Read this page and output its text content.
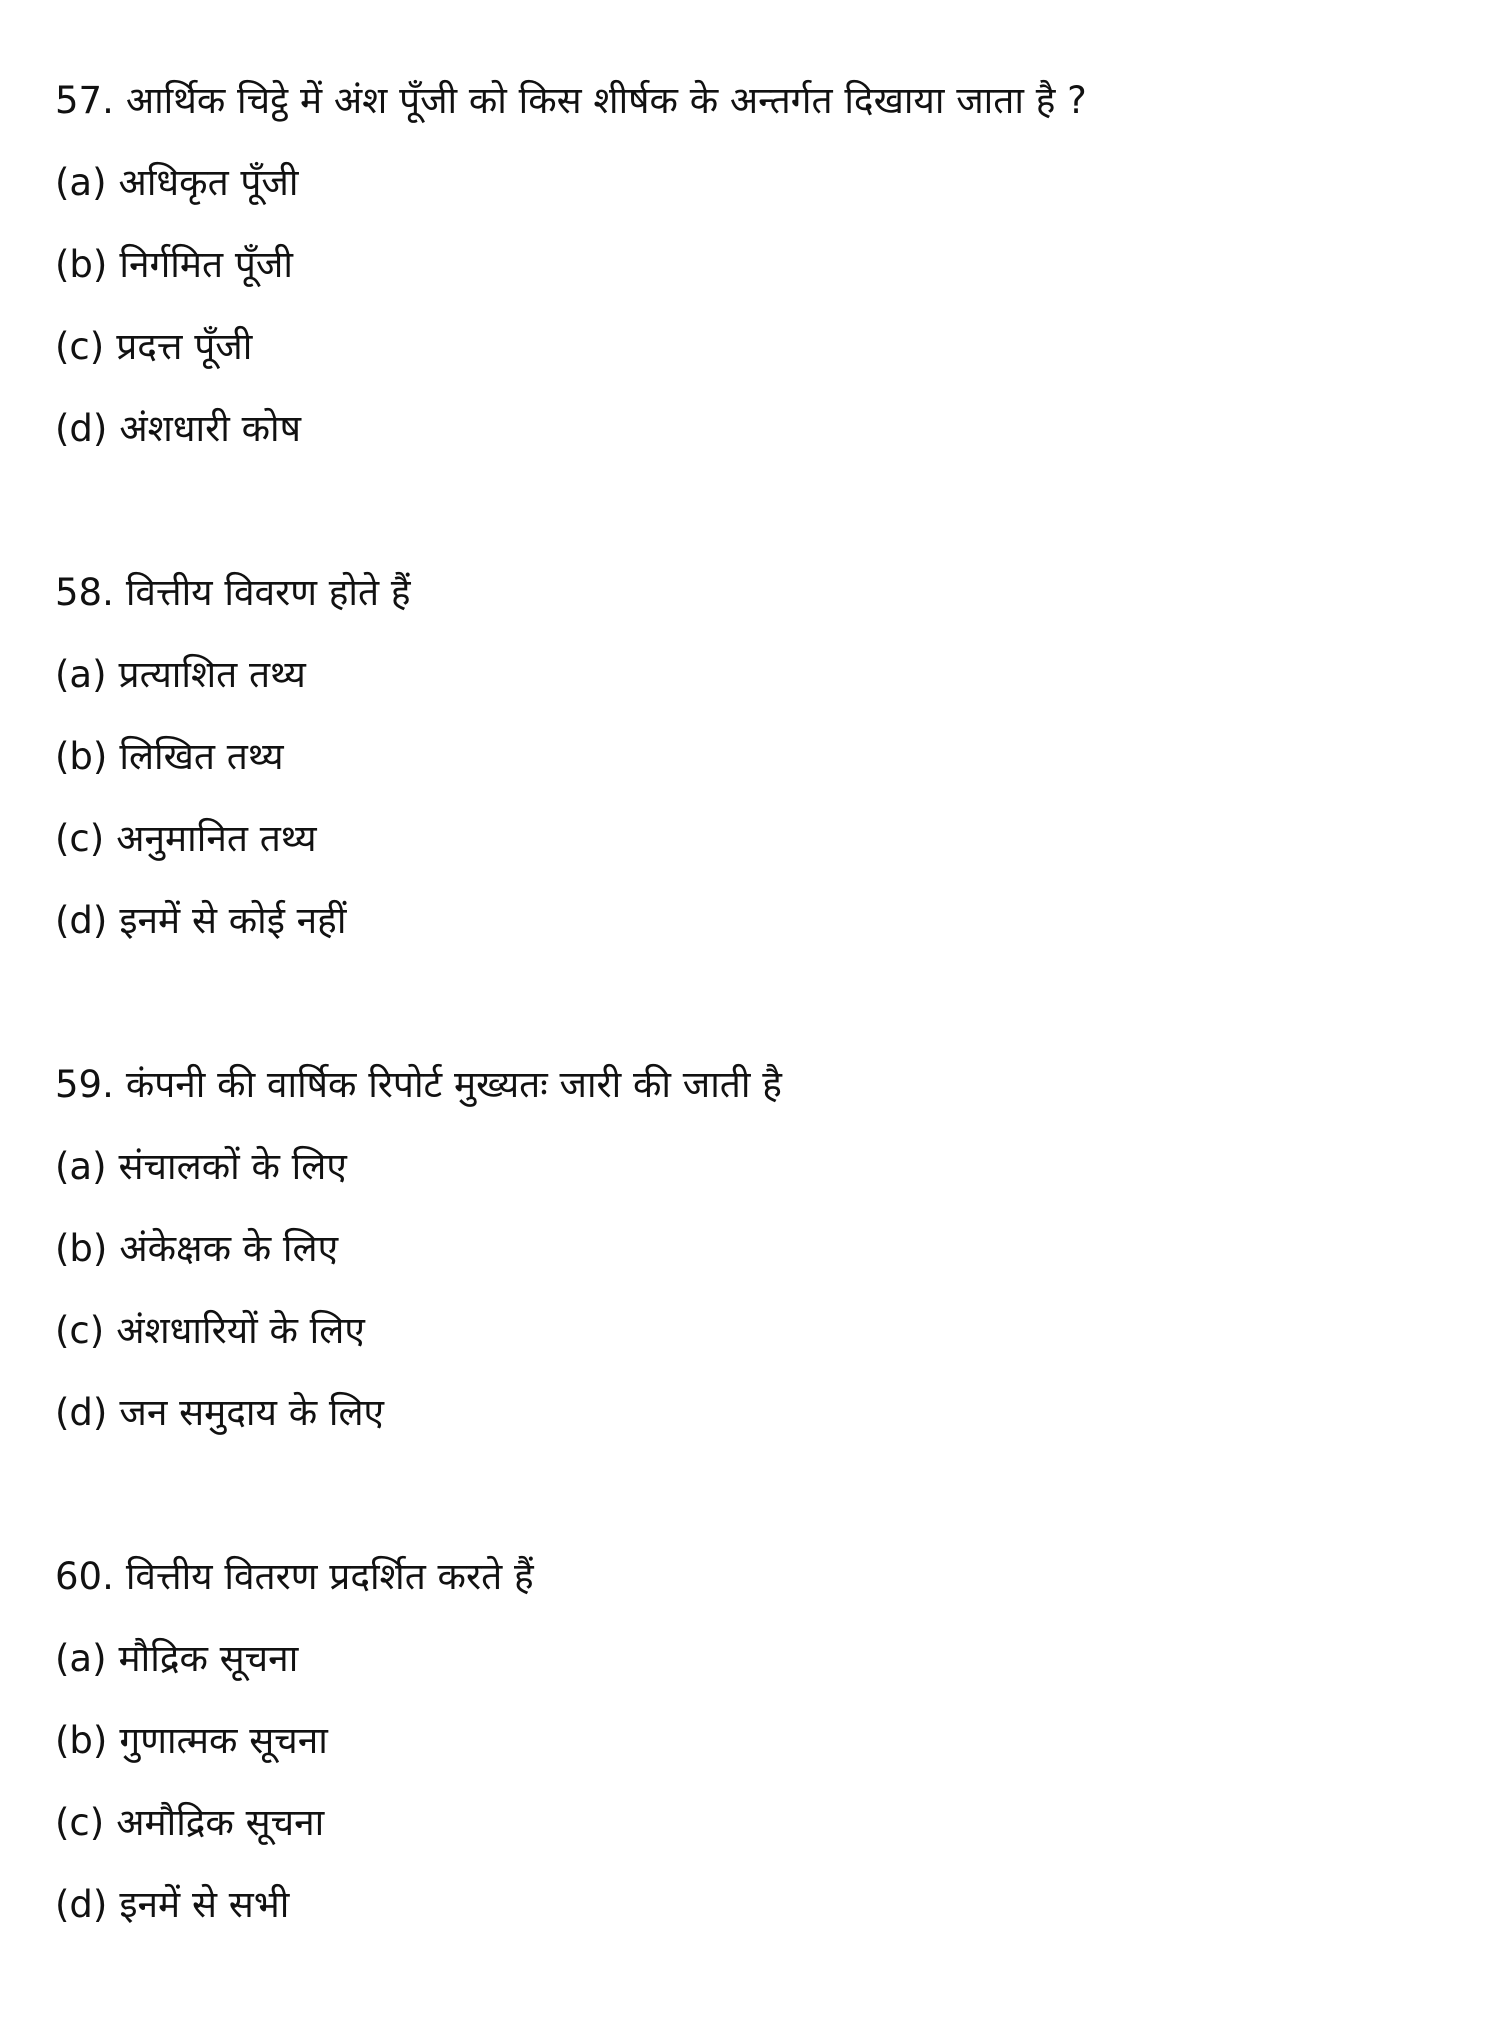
57. आर्थिक चिट्ठे में अंश पूँजी को किस शीर्षक के अन्तर्गत दिखाया जाता है ?
(a) अधिकृत पूँजी
(b) निर्गमित पूँजी
(c) प्रदत्त पूँजी
(d) अंशधारी कोष
58. वित्तीय विवरण होते हैं
(a) प्रत्याशित तथ्य
(b) लिखित तथ्य
(c) अनुमानित तथ्य
(d) इनमें से कोई नहीं
59. कंपनी की वार्षिक रिपोर्ट मुख्यतः जारी की जाती है
(a) संचालकों के लिए
(b) अंकेक्षक के लिए
(c) अंशधारियों के लिए
(d) जन समुदाय के लिए
60. वित्तीय वितरण प्रदर्शित करते हैं
(a) मौद्रिक सूचना
(b) गुणात्मक सूचना
(c) अमौद्रिक सूचना
(d) इनमें से सभी
